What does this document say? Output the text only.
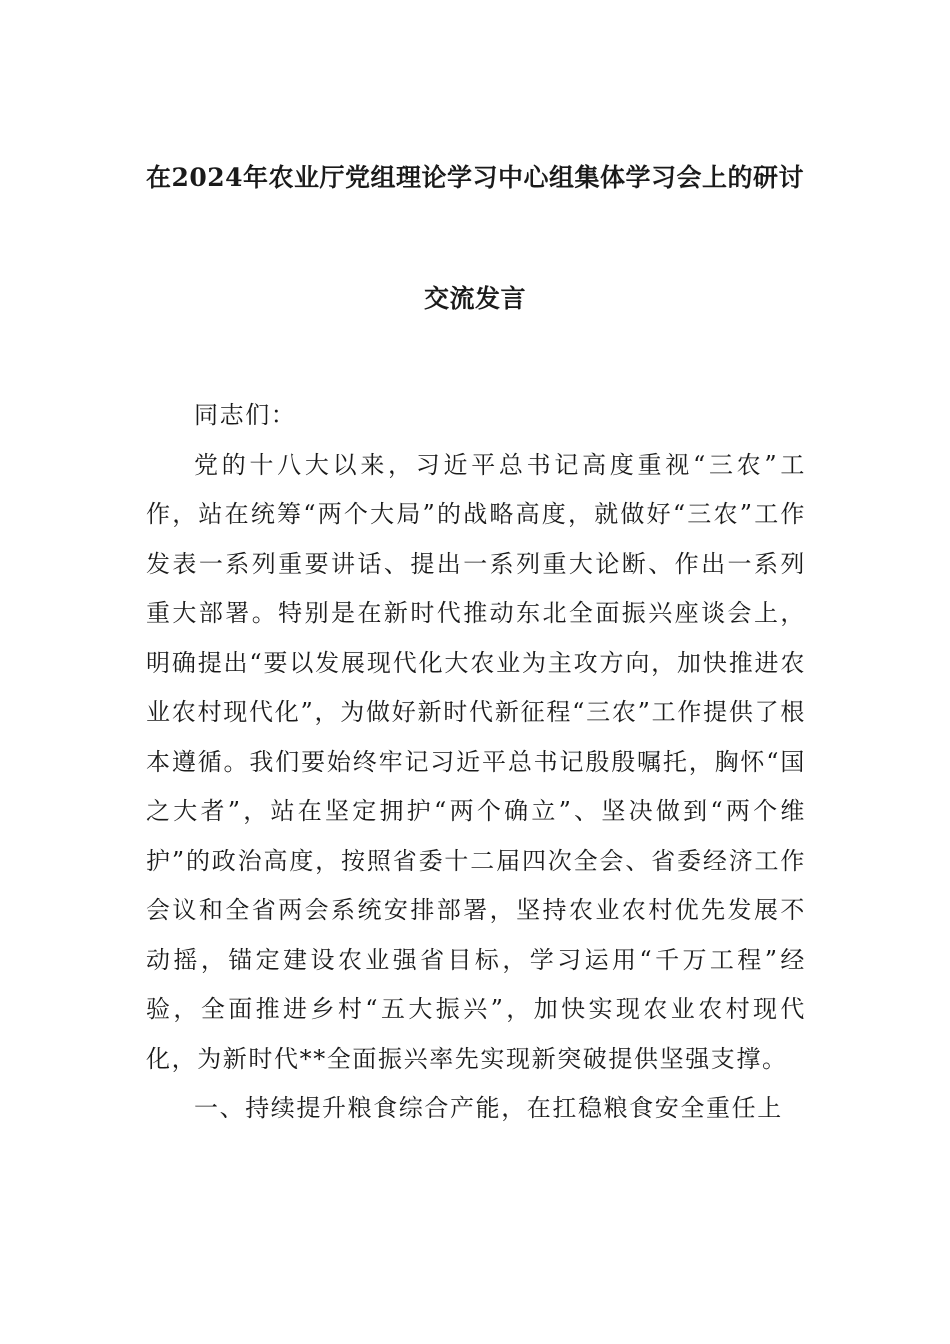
在2024年农业厅党组理论学习中心组集体学习会上的研讨
交流发言

同志们：

党的十八大以来，习近平总书记高度重视“三农”工作，站在统筹“两个大局”的战略高度，就做好“三农”工作发表一系列重要讲话、提出一系列重大论断、作出一系列重大部署。特别是在新时代推动东北全面振兴座谈会上，明确提出“要以发展现代化大农业为主攻方向，加快推进农业农村现代化”，为做好新时代新征程“三农”工作提供了根本遵循。我们要始终牢记习近平总书记殷殷嘱托，胸怀“国之大者”，站在坚定拥护“两个确立”、坚决做到“两个维护”的政治高度，按照省委十二届四次全会、省委经济工作会议和全省两会系统安排部署，坚持农业农村优先发展不动摇，锚定建设农业强省目标，学习运用“千万工程”经验，全面推进乡村“五大振兴”，加快实现农业农村现代化，为新时代**全面振兴率先实现新突破提供坚强支撑。

一、持续提升粮食综合产能，在扛稳粮食安全重任上
